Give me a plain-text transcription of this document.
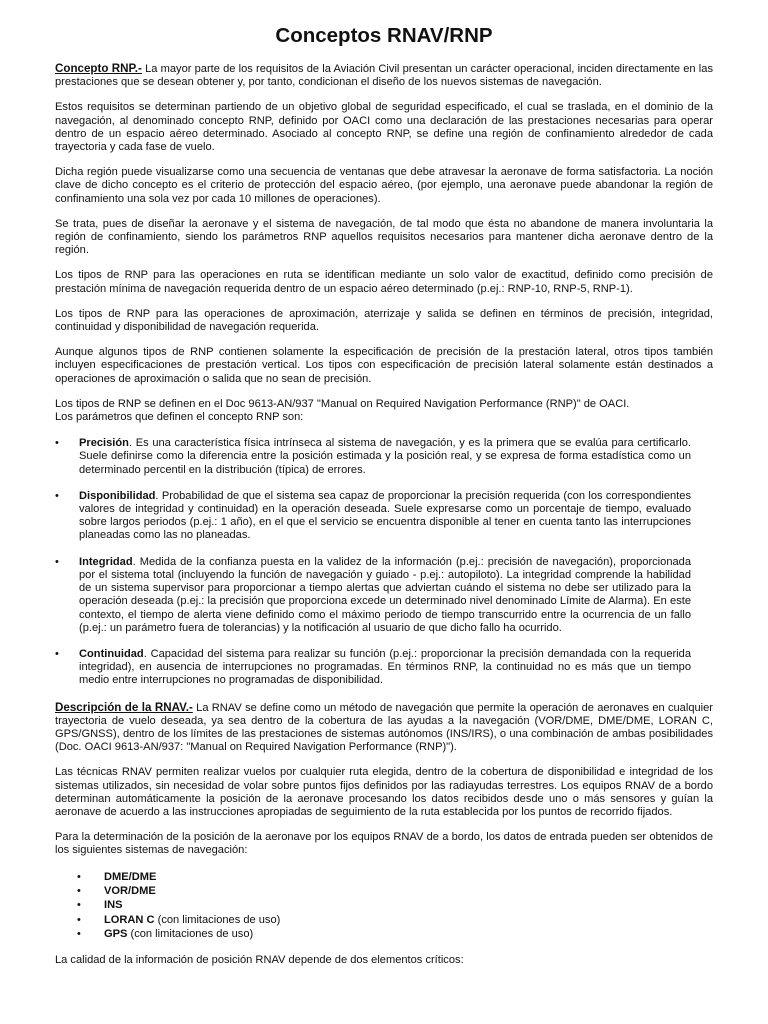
Conceptos RNAV/RNP

Concepto RNP.- La mayor parte de los requisitos de la Aviación Civil presentan un carácter operacional, inciden directamente en las prestaciones que se desean obtener y, por tanto, condicionan el diseño de los nuevos sistemas de navegación.

Estos requisitos se determinan partiendo de un objetivo global de seguridad especificado, el cual se traslada, en el dominio de la navegación, al denominado concepto RNP, definido por OACI como una declaración de las prestaciones necesarias para operar dentro de un espacio aéreo determinado. Asociado al concepto RNP, se define una región de confinamiento alrededor de cada trayectoria y cada fase de vuelo.

Dicha región puede visualizarse como una secuencia de ventanas que debe atravesar la aeronave de forma satisfactoria. La noción clave de dicho concepto es el criterio de protección del espacio aéreo, (por ejemplo, una aeronave puede abandonar la región de confinamiento una sola vez por cada 10 millones de operaciones).

Se trata, pues de diseñar la aeronave y el sistema de navegación, de tal modo que ésta no abandone de manera involuntaria la región de confinamiento, siendo los parámetros RNP aquellos requisitos necesarios para mantener dicha aeronave dentro de la región.

Los tipos de RNP para las operaciones en ruta se identifican mediante un solo valor de exactitud, definido como precisión de prestación mínima de navegación requerida dentro de un espacio aéreo determinado (p.ej.: RNP-10, RNP-5, RNP-1).

Los tipos de RNP para las operaciones de aproximación, aterrizaje y salida se definen en términos de precisión, integridad, continuidad y disponibilidad de navegación requerida.

Aunque algunos tipos de RNP contienen solamente la especificación de precisión de la prestación lateral, otros tipos también incluyen especificaciones de prestación vertical. Los tipos con especificación de precisión lateral solamente están destinados a operaciones de aproximación o salida que no sean de precisión.

Los tipos de RNP se definen en el Doc 9613-AN/937 "Manual on Required Navigation Performance (RNP)" de OACI.

Los parámetros que definen el concepto RNP son:

• Precisión. Es una característica física intrínseca al sistema de navegación, y es la primera que se evalúa para certificarlo. Suele definirse como la diferencia entre la posición estimada y la posición real, y se expresa de forma estadística como un determinado percentil en la distribución (típica) de errores.
• Disponibilidad. Probabilidad de que el sistema sea capaz de proporcionar la precisión requerida (con los correspondientes valores de integridad y continuidad) en la operación deseada. Suele expresarse como un porcentaje de tiempo, evaluado sobre largos periodos (p.ej.: 1 año), en el que el servicio se encuentra disponible al tener en cuenta tanto las interrupciones planeadas como las no planeadas.
• Integridad. Medida de la confianza puesta en la validez de la información (p.ej.: precisión de navegación), proporcionada por el sistema total (incluyendo la función de navegación y guiado - p.ej.: autopiloto). La integridad comprende la habilidad de un sistema supervisor para proporcionar a tiempo alertas que adviertan cuándo el sistema no debe ser utilizado para la operación deseada (p.ej.: la precisión que proporciona excede un determinado nivel denominado Límite de Alarma). En este contexto, el tiempo de alerta viene definido como el máximo periodo de tiempo transcurrido entre la ocurrencia de un fallo (p.ej.: un parámetro fuera de tolerancias) y la notificación al usuario de que dicho fallo ha ocurrido.
• Continuidad. Capacidad del sistema para realizar su función (p.ej.: proporcionar la precisión demandada con la requerida integridad), en ausencia de interrupciones no programadas. En términos RNP, la continuidad no es más que un tiempo medio entre interrupciones no programadas de disponibilidad.

Descripción de la RNAV.- La RNAV se define como un método de navegación que permite la operación de aeronaves en cualquier trayectoria de vuelo deseada, ya sea dentro de la cobertura de las ayudas a la navegación (VOR/DME, DME/DME, LORAN C, GPS/GNSS), dentro de los límites de las prestaciones de sistemas autónomos (INS/IRS), o una combinación de ambas posibilidades (Doc. OACI 9613-AN/937: "Manual on Required Navigation Performance (RNP)").

Las técnicas RNAV permiten realizar vuelos por cualquier ruta elegida, dentro de la cobertura de disponibilidad e integridad de los sistemas utilizados, sin necesidad de volar sobre puntos fijos definidos por las radiayudas terrestres. Los equipos RNAV de a bordo determinan automáticamente la posición de la aeronave procesando los datos recibidos desde uno o más sensores y guían la aeronave de acuerdo a las instrucciones apropiadas de seguimiento de la ruta establecida por los puntos de recorrido fijados.

Para la determinación de la posición de la aeronave por los equipos RNAV de a bordo, los datos de entrada pueden ser obtenidos de los siguientes sistemas de navegación:

• DME/DME
• VOR/DME
• INS
• LORAN C (con limitaciones de uso)
• GPS (con limitaciones de uso)

La calidad de la información de posición RNAV depende de dos elementos críticos:
